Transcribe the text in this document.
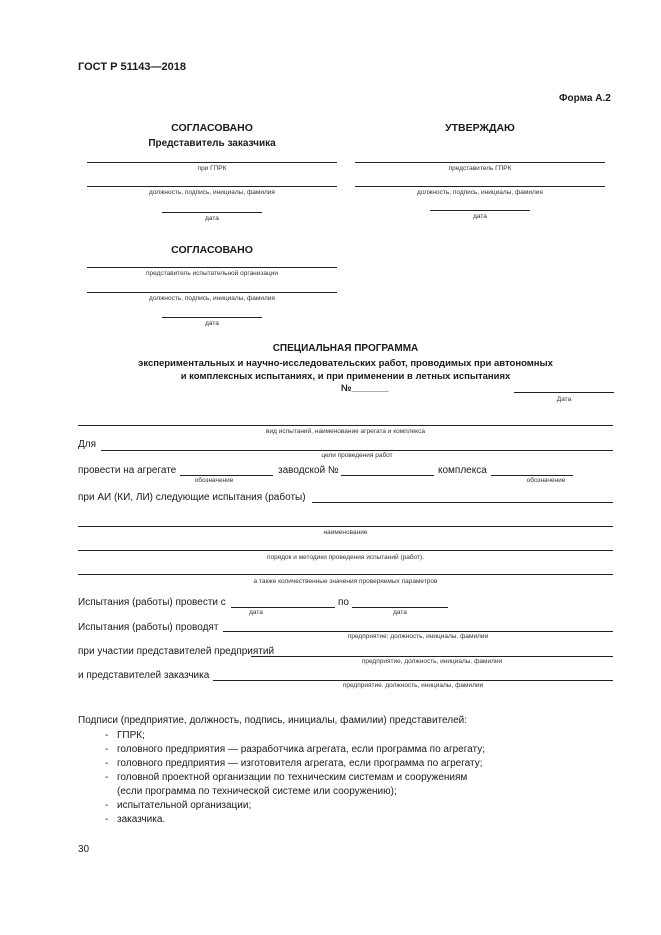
ГОСТ Р 51143—2018
Форма А.2
СОГЛАСОВАНО
Представитель заказчика
при ГПРК
должность, подпись, инициалы, фамилия
дата
УТВЕРЖДАЮ
представитель ГПРК
должность, подпись, инициалы, фамилия
дата
СОГЛАСОВАНО
представитель испытательной организации
должность, подпись, инициалы, фамилия
дата
СПЕЦИАЛЬНАЯ ПРОГРАММА
экспериментальных и научно-исследовательских работ, проводимых при автономных
и комплексных испытаниях, и при применении в летных испытаниях
№_______
Дата
вид испытаний, наименование агрегата и комплекса
Для
цели проведения работ
провести на агрегате	заводской №	комплекса
обозначение	обозначение
при АИ (КИ, ЛИ) следующие испытания (работы)
наименование
порядок и методики проведения испытаний (работ).
а также количественные значения проверяемых параметров
Испытания (работы) провести с	по
дата	дата
Испытания (работы) проводят
предприятие; должность, инициалы. фамилии
при участии представителей предприятий
предприятие, должность, инициалы. фамилии
и представителей заказчика
предприятие. должность, инициалы, фамилии
Подписи (предприятие, должность, подпись, инициалы, фамилии) представителей:
- ГПРК;
- головного предприятия — разработчика агрегата, если программа по агрегату;
- головного предприятия — изготовителя агрегата, если программа по агрегату;
- головной проектной организации по техническим системам и сооружениям
(если программа по технической системе или сооружению);
- испытательной организации;
- заказчика.
30
